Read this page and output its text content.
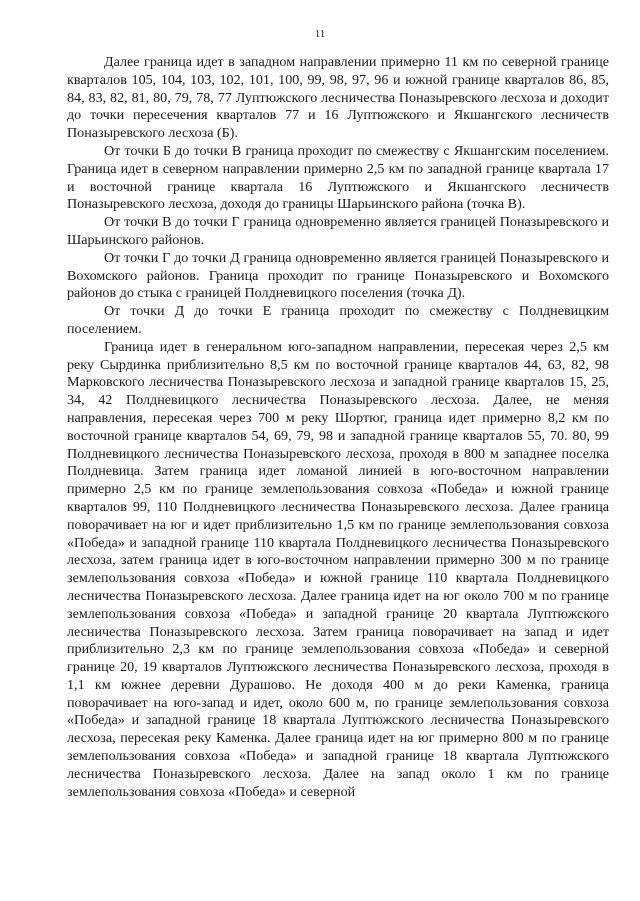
11

Далее граница идет в западном направлении примерно 11 км по северной границе кварталов 105, 104, 103, 102, 101, 100, 99, 98, 97, 96 и южной границе кварталов 86, 85, 84, 83, 82, 81, 80, 79, 78, 77 Луптюжского лесничества Поназыревского лесхоза и доходит до точки пересечения кварталов 77 и 16 Луптюжского и Якшангского лесничеств Поназыревского лесхоза (Б).

От точки Б до точки В граница проходит по смежеству с Якшангским поселением. Граница идет в северном направлении примерно 2,5 км по западной границе квартала 17 и восточной границе квартала 16 Луптюжского и Якшангского лесничеств Поназыревского лесхоза, доходя до границы Шарьинского района (точка В).

От точки В до точки Г граница одновременно является границей Поназыревского и Шарьинского районов.

От точки Г до точки Д граница одновременно является границей Поназыревского и Вохомского районов. Граница проходит по границе Поназыревского и Вохомского районов до стыка с границей Полдневицкого поселения (точка Д).

От точки Д до точки Е граница проходит по смежеству с Полдневицким поселением.

Граница идет в генеральном юго-западном направлении, пересекая через 2,5 км реку Сырдинка приблизительно 8,5 км по восточной границе кварталов 44, 63, 82, 98 Марковского лесничества Поназыревского лесхоза и западной границе кварталов 15, 25, 34, 42 Полдневицкого лесничества Поназыревского лесхоза. Далее, не меняя направления, пересекая через 700 м реку Шортюг, граница идет примерно 8,2 км по восточной границе кварталов 54, 69, 79, 98 и западной границе кварталов 55, 70. 80, 99 Полдневицкого лесничества Поназыревского лесхоза, проходя в 800 м западнее поселка Полдневица. Затем граница идет ломаной линией в юго-восточном направлении примерно 2,5 км по границе землепользования совхоза «Победа» и южной границе кварталов 99, 110 Полдневицкого лесничества Поназыревского лесхоза. Далее граница поворачивает на юг и идет приблизительно 1,5 км по границе землепользования совхоза «Победа» и западной границе 110 квартала Полдневицкого лесничества Поназыревского лесхоза, затем граница идет в юго-восточном направлении примерно 300 м по границе землепользования совхоза «Победа» и южной границе 110 квартала Полдневицкого лесничества Поназыревского лесхоза. Далее граница идет на юг около 700 м по границе землепользования совхоза «Победа» и западной границе 20 квартала Луптюжского лесничества Поназыревского лесхоза. Затем граница поворачивает на запад и идет приблизительно 2,3 км по границе землепользования совхоза «Победа» и северной границе 20, 19 кварталов Луптюжского лесничества Поназыревского лесхоза, проходя в 1,1 км южнее деревни Дурашово. Не доходя 400 м до реки Каменка, граница поворачивает на юго-запад и идет, около 600 м, по границе землепользования совхоза «Победа» и западной границе 18 квартала Луптюжского лесничества Поназыревского лесхоза, пересекая реку Каменка. Далее граница идет на юг примерно 800 м по границе землепользования совхоза «Победа» и западной границе 18 квартала Луптюжского лесничества Поназыревского лесхоза. Далее на запад около 1 км по границе землепользования совхоза «Победа» и северной
